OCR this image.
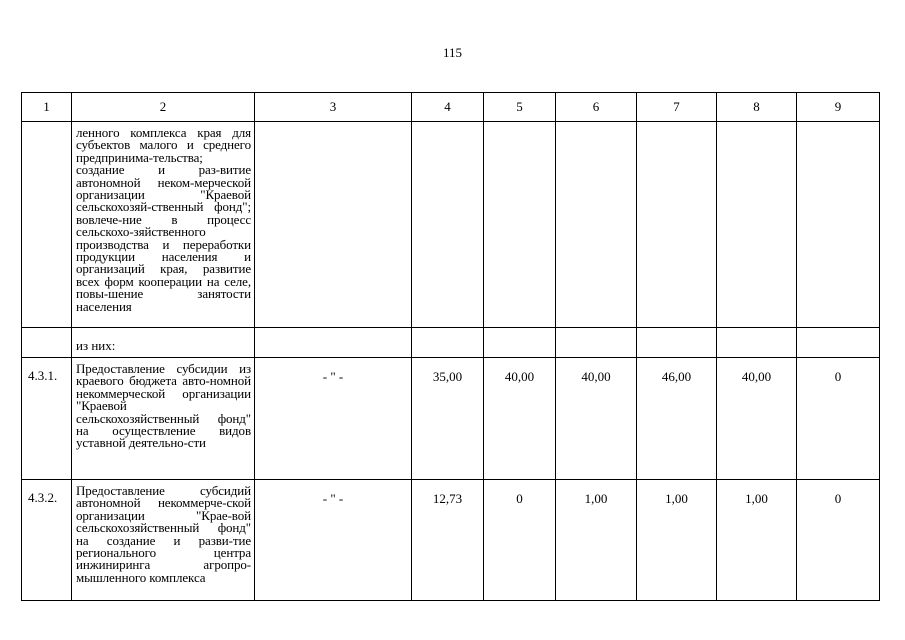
115
1	2	3	4	5	6	7	8	9

	ленного комплекса края для субъектов малого и среднего предпринима-тельства; создание и раз-витие автономной неком-мерческой организации "Краевой сельскохозяй-ственный фонд"; вовлече-ние в процесс сельскохо-зяйственного производства и переработки продукции населения и организаций края, развитие всех форм кооперации на селе, повы-шение занятости населения							

	из них:							

4.3.1.	Предоставление субсидии из краевого бюджета авто-номной некоммерческой организации "Краевой сельскохозяйственный фонд" на осуществление видов уставной деятельно-сти	- " -	35,00	40,00	40,00	46,00	40,00	0

4.3.2.	Предоставление субсидий автономной некоммерче-ской организации "Крае-вой сельскохозяйственный фонд" на создание и разви-тие регионального центра инжиниринга агропро-мышленного комплекса	- " -	12,73	0	1,00	1,00	1,00	0
